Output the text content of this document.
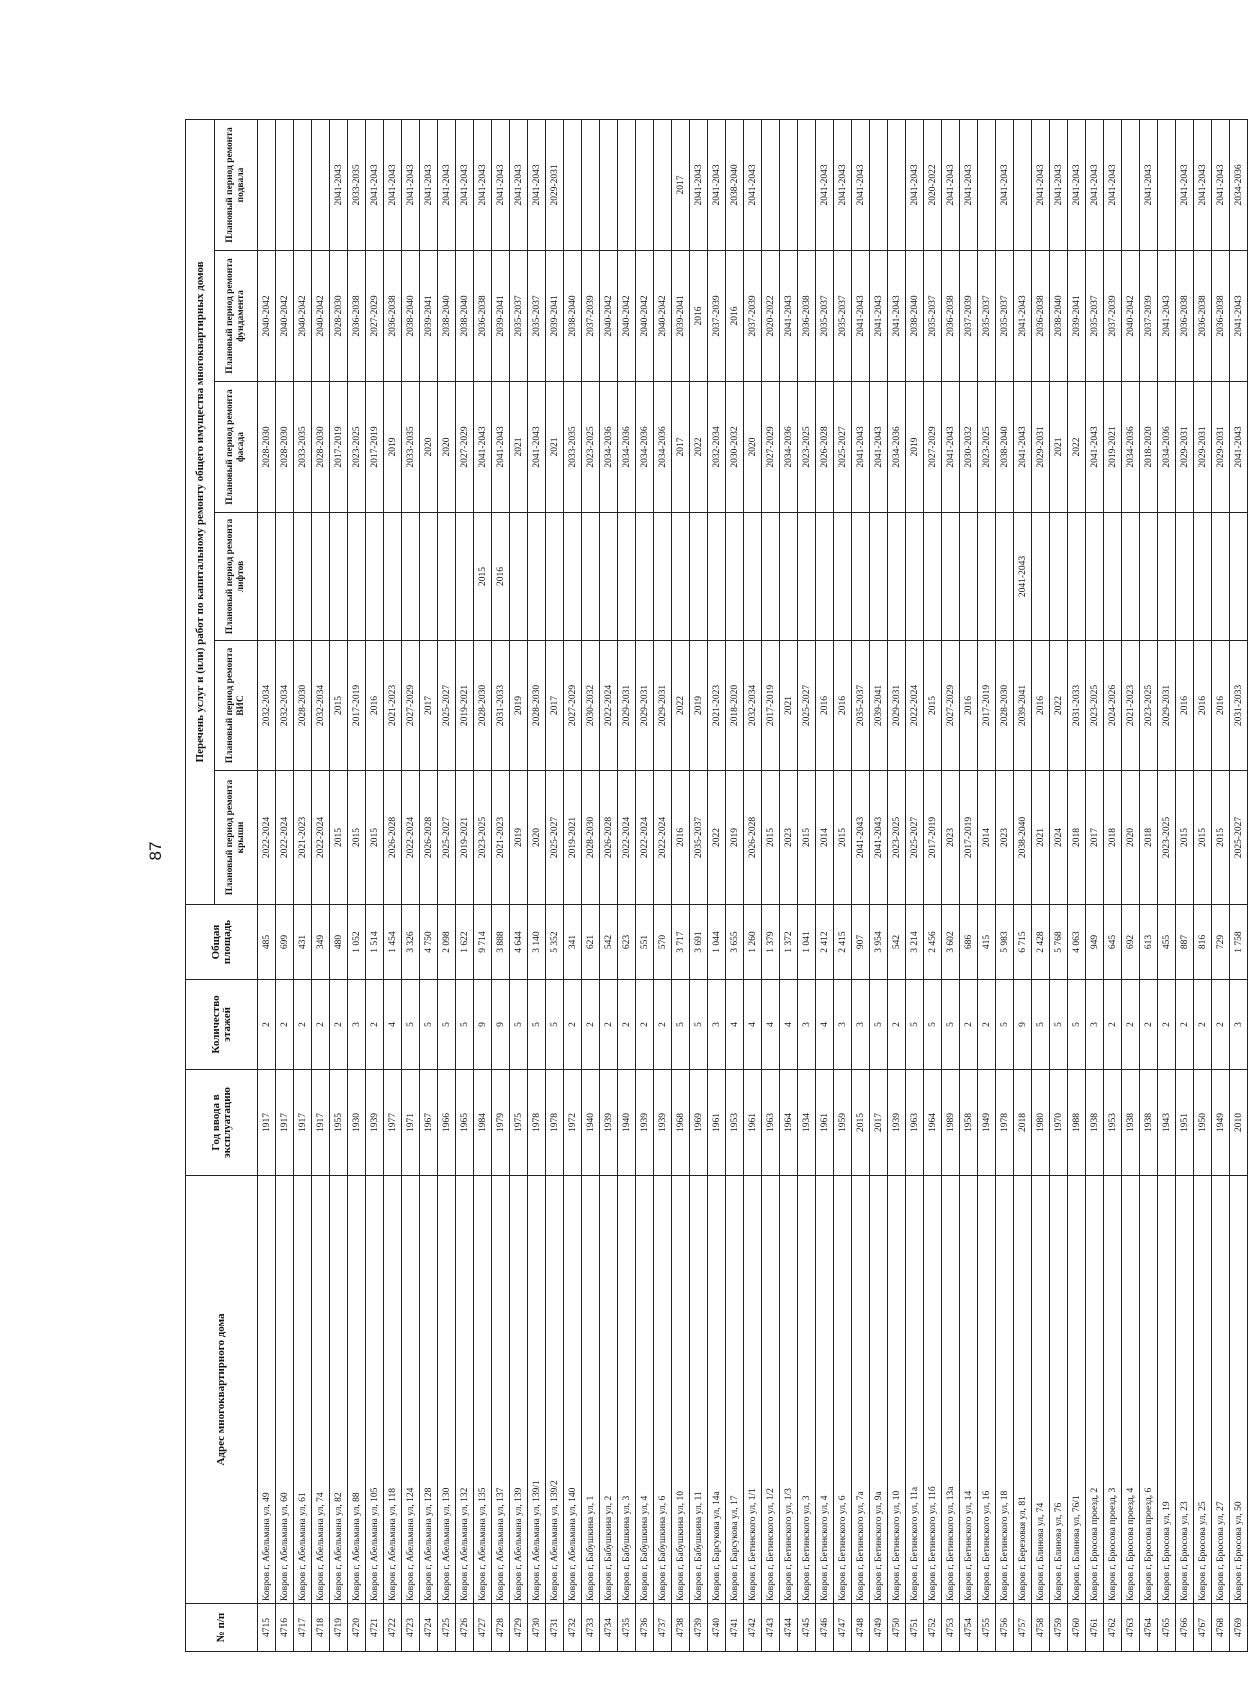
87
№ п/п	Адрес многоквартирного дома	Год ввода в эксплуатацию	Количество этажей	Общая площадь	Перечень услуг и (или) работ по капитальному ремонту общего имущества многоквартирных домов					
					Плановый период ремонта крыши	Плановый период ремонта ВИС	Плановый период ремонта лифтов	Плановый период ремонта фасада	Плановый период ремонта фундамента	Плановый период ремонта подвала
4715	Ковров г, Абельмана ул, 49	1917	2	485	2022-2024	2032-2034		2028-2030	2040-2042	
4716	Ковров г, Абельмана ул, 60	1917	2	699	2022-2024	2032-2034		2028-2030	2040-2042	
4717	Ковров г, Абельмана ул, 61	1917	2	431	2021-2023	2028-2030		2033-2035	2040-2042	
4718	Ковров г, Абельмана ул, 74	1917	2	349	2022-2024	2032-2034		2028-2030	2040-2042	
4719	Ковров г, Абельмана ул, 82	1955	2	480	2015	2015		2017-2019	2028-2030	2041-2043
4720	Ковров г, Абельмана ул, 88	1930	3	1 052	2015	2017-2019		2023-2025	2036-2038	2033-2035
4721	Ковров г, Абельмана ул, 105	1939	2	1 514	2015	2016		2017-2019	2027-2029	2041-2043
4722	Ковров г, Абельмана ул, 118	1977	4	1 454	2026-2028	2021-2023		2019	2036-2038	2041-2043
4723	Ковров г, Абельмана ул, 124	1971	5	3 326	2022-2024	2027-2029		2033-2035	2038-2040	2041-2043
4724	Ковров г, Абельмана ул, 128	1967	5	4 750	2026-2028	2017		2020	2039-2041	2041-2043
4725	Ковров г, Абельмана ул, 130	1966	5	2 098	2025-2027	2025-2027		2020	2038-2040	2041-2043
4726	Ковров г, Абельмана ул, 132	1965	5	1 622	2019-2021	2019-2021		2027-2029	2038-2040	2041-2043
4727	Ковров г, Абельмана ул, 135	1984	9	9 714	2023-2025	2028-2030	2015	2041-2043	2036-2038	2041-2043
4728	Ковров г, Абельмана ул, 137	1979	9	3 888	2021-2023	2031-2033	2016	2041-2043	2039-2041	2041-2043
4729	Ковров г, Абельмана ул, 139	1975	5	4 644	2019	2019		2021	2035-2037	2041-2043
4730	Ковров г, Абельмана ул, 139/1	1978	5	3 140	2020	2028-2030		2041-2043	2035-2037	2041-2043
4731	Ковров г, Абельмана ул, 139/2	1978	5	5 352	2025-2027	2017		2021	2039-2041	2029-2031
4732	Ковров г, Абельмана ул, 140	1972	2	341	2019-2021	2027-2029		2033-2035	2038-2040	
4733	Ковров г, Бабушкина ул, 1	1940	2	621	2028-2030	2030-2032		2023-2025	2037-2039	
4734	Ковров г, Бабушкина ул, 2	1939	2	542	2026-2028	2022-2024		2034-2036	2040-2042	
4735	Ковров г, Бабушкина ул, 3	1940	2	623	2022-2024	2029-2031		2034-2036	2040-2042	
4736	Ковров г, Бабушкина ул, 4	1939	2	551	2022-2024	2029-2031		2034-2036	2040-2042	
4737	Ковров г, Бабушкина ул, 6	1939	2	570	2022-2024	2029-2031		2034-2036	2040-2042	
4738	Ковров г, Бабушкина ул, 10	1968	5	3 717	2016	2022		2017	2039-2041	2017
4739	Ковров г, Бабушкина ул, 11	1969	5	3 691	2035-2037	2019		2022	2016	2041-2043
4740	Ковров г, Барсукова ул, 14а	1961	3	1 044	2022	2021-2023		2032-2034	2037-2039	2041-2043
4741	Ковров г, Барсукова ул, 17	1953	4	3 655	2019	2018-2020		2030-2032	2016	2038-2040
4742	Ковров г, Бетинского ул, 1/1	1961	4	1 260	2026-2028	2032-2034		2020	2037-2039	2041-2043
4743	Ковров г, Бетинского ул, 1/2	1963	4	1 379	2015	2017-2019		2027-2029	2020-2022	
4744	Ковров г, Бетинского ул, 1/3	1964	4	1 372	2023	2021		2034-2036	2041-2043	
4745	Ковров г, Бетинского ул, 3	1934	3	1 041	2015	2025-2027		2023-2025	2036-2038	
4746	Ковров г, Бетинского ул, 4	1961	4	2 412	2014	2016		2026-2028	2035-2037	2041-2043
4747	Ковров г, Бетинского ул, 6	1959	3	2 415	2015	2016		2025-2027	2035-2037	2041-2043
4748	Ковров г, Бетинского ул, 7а	2015	3	907	2041-2043	2035-2037		2041-2043	2041-2043	2041-2043
4749	Ковров г, Бетинского ул, 9а	2017	5	3 954	2041-2043	2039-2041		2041-2043	2041-2043	
4750	Ковров г, Бетинского ул, 10	1939	2	542	2023-2025	2029-2031		2034-2036	2041-2043	
4751	Ковров г, Бетинского ул, 11а	1963	5	3 214	2025-2027	2022-2024		2019	2038-2040	2041-2043
4752	Ковров г, Бетинского ул, 11б	1964	5	2 456	2017-2019	2015		2027-2029	2035-2037	2020-2022
4753	Ковров г, Бетинского ул, 13а	1989	5	3 602	2023	2027-2029		2041-2043	2036-2038	2041-2043
4754	Ковров г, Бетинского ул, 14	1958	2	686	2017-2019	2016		2030-2032	2037-2039	2041-2043
4755	Ковров г, Бетинского ул, 16	1949	2	415	2014	2017-2019		2023-2025	2035-2037	
4756	Ковров г, Бетинского ул, 18	1978	5	5 983	2023	2028-2030		2038-2040	2035-2037	2041-2043
4757	Ковров г, Березовая ул, 81	2018	9	6 715	2038-2040	2039-2041	2041-2043	2041-2043	2041-2043	
4758	Ковров г, Блинова ул, 74	1980	5	2 428	2021	2016		2029-2031	2036-2038	2041-2043
4759	Ковров г, Блинова ул, 76	1970	5	5 768	2024	2022		2021	2038-2040	2041-2043
4760	Ковров г, Блинова ул, 76/1	1988	5	4 063	2018	2031-2033		2022	2039-2041	2041-2043
4761	Ковров г, Брюсова проезд, 2	1938	3	949	2017	2023-2025		2041-2043	2035-2037	2041-2043
4762	Ковров г, Брюсова проезд, 3	1953	2	645	2018	2024-2026		2019-2021	2037-2039	2041-2043
4763	Ковров г, Брюсова проезд, 4	1938	2	692	2020	2021-2023		2034-2036	2040-2042	
4764	Ковров г, Брюсова проезд, 6	1938	2	613	2018	2023-2025		2018-2020	2037-2039	2041-2043
4765	Ковров г, Брюсова ул, 19	1943	2	455	2023-2025	2029-2031		2034-2036	2041-2043	
4766	Ковров г, Брюсова ул, 23	1951	2	887	2015	2016		2029-2031	2036-2038	2041-2043
4767	Ковров г, Брюсова ул, 25	1950	2	816	2015	2016		2029-2031	2036-2038	2041-2043
4768	Ковров г, Брюсова ул, 27	1949	2	729	2015	2016		2029-2031	2036-2038	2041-2043
4769	Ковров г, Брюсова ул, 50	2010	3	1 758	2025-2027	2031-2033		2041-2043	2041-2043	2034-2036
